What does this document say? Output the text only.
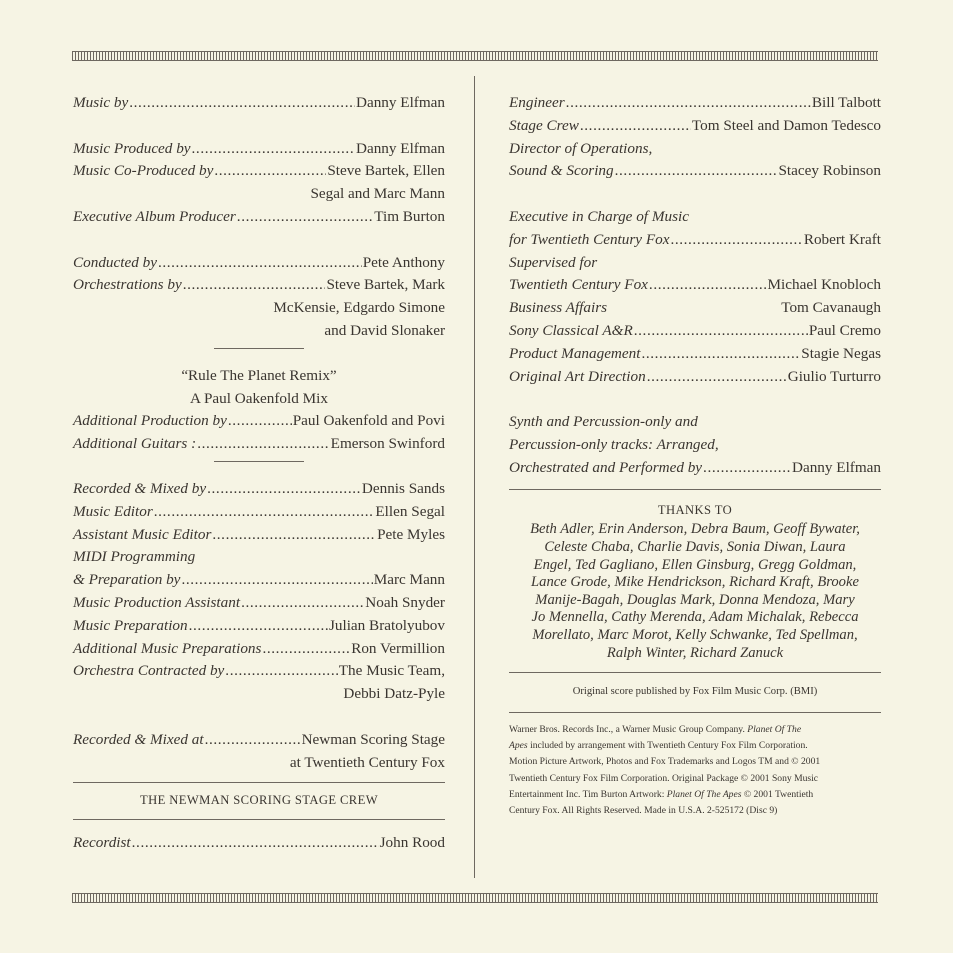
Music by .....	Danny Elfman
Music Produced by .....	Danny Elfman
Music Co-Produced by .....	Steve Bartek, Ellen
Segal and Marc Mann
Executive Album Producer .....	Tim Burton
Conducted by .....	Pete Anthony
Orchestrations by .....	Steve Bartek, Mark
McKensie, Edgardo Simone
and David Slonaker
“Rule The Planet Remix”
A Paul Oakenfold Mix
Additional Production by .....	Paul Oakenfold and Povi
Additional Guitars : .....	Emerson Swinford
Recorded & Mixed by .....	Dennis Sands
Music Editor .....	Ellen Segal
Assistant Music Editor .....	Pete Myles
MIDI Programming
& Preparation by .....	Marc Mann
Music Production Assistant .....	Noah Snyder
Music Preparation .....	Julian Bratolyubov
Additional Music Preparations .....	Ron Vermillion
Orchestra Contracted by .....	The Music Team,
Debbi Datz-Pyle
Recorded & Mixed at .....	Newman Scoring Stage
at Twentieth Century Fox
THE NEWMAN SCORING STAGE CREW
Recordist .....	John Rood
Engineer .....	Bill Talbott
Stage Crew .....	Tom Steel and Damon Tedesco
Director of Operations,
Sound & Scoring .....	Stacey Robinson
Executive in Charge of Music
for Twentieth Century Fox .....	Robert Kraft
Supervised for
Twentieth Century Fox .....	Michael Knobloch
Business Affairs	Tom Cavanaugh
Sony Classical A&R .....	Paul Cremo
Product Management .....	Stagie Negas
Original Art Direction .....	Giulio Turturro
Synth and Percussion-only and
Percussion-only tracks: Arranged,
Orchestrated and Performed by .....	Danny Elfman
THANKS TO
Beth Adler, Erin Anderson, Debra Baum, Geoff Bywater,
Celeste Chaba, Charlie Davis, Sonia Diwan, Laura
Engel, Ted Gagliano, Ellen Ginsburg, Gregg Goldman,
Lance Grode, Mike Hendrickson, Richard Kraft, Brooke
Manije-Bagah, Douglas Mark, Donna Mendoza, Mary
Jo Mennella, Cathy Merenda, Adam Michalak, Rebecca
Morellato, Marc Morot, Kelly Schwanke, Ted Spellman,
Ralph Winter, Richard Zanuck
Original score published by Fox Film Music Corp. (BMI)
Warner Bros. Records Inc., a Warner Music Group Company. Planet Of The
Apes included by arrangement with Twentieth Century Fox Film Corporation.
Motion Picture Artwork, Photos and Fox Trademarks and Logos TM and © 2001
Twentieth Century Fox Film Corporation. Original Package © 2001 Sony Music
Entertainment Inc. Tim Burton Artwork: Planet Of The Apes © 2001 Twentieth
Century Fox. All Rights Reserved. Made in U.S.A. 2-525172 (Disc 9)
